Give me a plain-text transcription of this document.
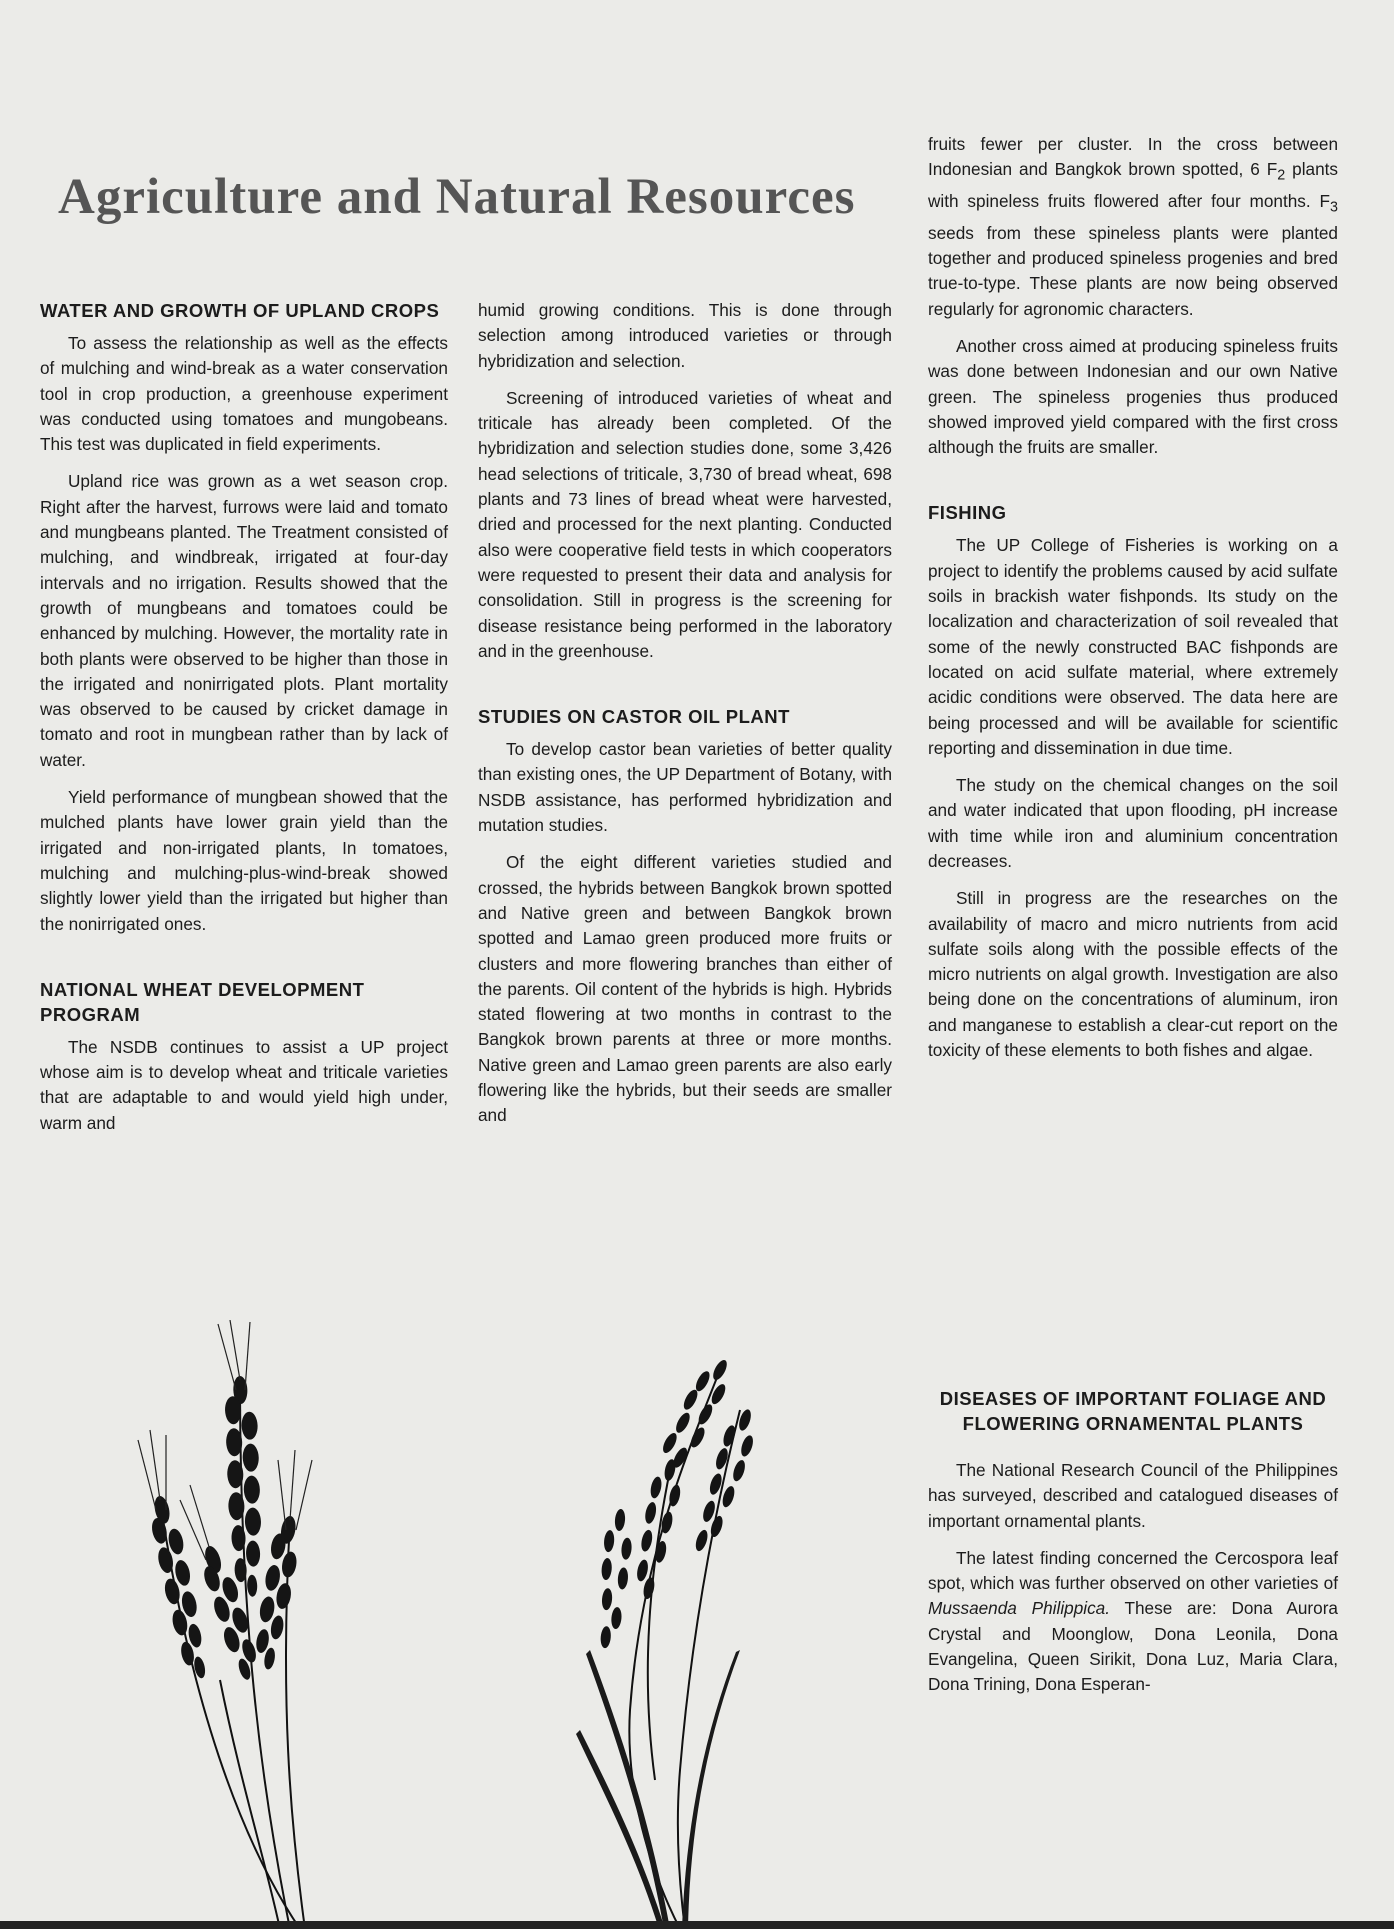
Agriculture and Natural Resources
WATER AND GROWTH OF UPLAND CROPS

To assess the relationship as well as the effects of mulching and wind-break as a water conservation tool in crop production, a greenhouse experiment was conducted using tomatoes and mungobeans. This test was duplicated in field experiments.

Upland rice was grown as a wet season crop. Right after the harvest, furrows were laid and tomato and mungbeans planted. The Treatment consisted of mulching, and windbreak, irrigated at four-day intervals and no irrigation. Results showed that the growth of mungbeans and tomatoes could be enhanced by mulching. However, the mortality rate in both plants were observed to be higher than those in the irrigated and nonirrigated plots. Plant mortality was observed to be caused by cricket damage in tomato and root in mungbean rather than by lack of water.

Yield performance of mungbean showed that the mulched plants have lower grain yield than the irrigated and non-irrigated plants, In tomatoes, mulching and mulching-plus-wind-break showed slightly lower yield than the irrigated but higher than the nonirrigated ones.

NATIONAL WHEAT DEVELOPMENT PROGRAM

The NSDB continues to assist a UP project whose aim is to develop wheat and triticale varieties that are adaptable to and would yield high under, warm and

humid growing conditions. This is done through selection among introduced varieties or through hybridization and selection.

Screening of introduced varieties of wheat and triticale has already been completed. Of the hybridization and selection studies done, some 3,426 head selections of triticale, 3,730 of bread wheat, 698 plants and 73 lines of bread wheat were harvested, dried and processed for the next planting. Conducted also were cooperative field tests in which cooperators were requested to present their data and analysis for consolidation. Still in progress is the screening for disease resistance being performed in the laboratory and in the greenhouse.

STUDIES ON CASTOR OIL PLANT

To develop castor bean varieties of better quality than existing ones, the UP Department of Botany, with NSDB assistance, has performed hybridization and mutation studies.

Of the eight different varieties studied and crossed, the hybrids between Bangkok brown spotted and Native green and between Bangkok brown spotted and Lamao green produced more fruits or clusters and more flowering branches than either of the parents. Oil content of the hybrids is high. Hybrids stated flowering at two months in contrast to the Bangkok brown parents at three or more months. Native green and Lamao green parents are also early flowering like the hybrids, but their seeds are smaller and

fruits fewer per cluster. In the cross between Indonesian and Bangkok brown spotted, 6 $F_2$ plants with spineless fruits flowered after four months. $F_3$ seeds from these spineless plants were planted together and produced spineless progenies and bred true-to-type. These plants are now being observed regularly for agronomic characters.

Another cross aimed at producing spineless fruits was done between Indonesian and our own Native green. The spineless progenies thus produced showed improved yield compared with the first cross although the fruits are smaller.

FISHING

The UP College of Fisheries is working on a project to identify the problems caused by acid sulfate soils in brackish water fishponds. Its study on the localization and characterization of soil revealed that some of the newly constructed BAC fishponds are located on acid sulfate material, where extremely acidic conditions were observed. The data here are being processed and will be available for scientific reporting and dissemination in due time.

The study on the chemical changes on the soil and water indicated that upon flooding, pH increase with time while iron and aluminium concentration decreases.

Still in progress are the researches on the availability of macro and micro nutrients from acid sulfate soils along with the possible effects of the micro nutrients on algal growth. Investigation are also being done on the concentrations of aluminum, iron and manganese to establish a clear-cut report on the toxicity of these elements to both fishes and algae.

DISEASES OF IMPORTANT FOLIAGE AND FLOWERING ORNAMENTAL PLANTS

The National Research Council of the Philippines has surveyed, described and catalogued diseases of important ornamental plants.

The latest finding concerned the Cercospora leaf spot, which was further observed on other varieties of Mussaenda Philippica. These are: Dona Aurora Crystal and Moonglow, Dona Leonila, Dona Evangelina, Queen Sirikit, Dona Luz, Maria Clara, Dona Trining, Dona Esperan-
